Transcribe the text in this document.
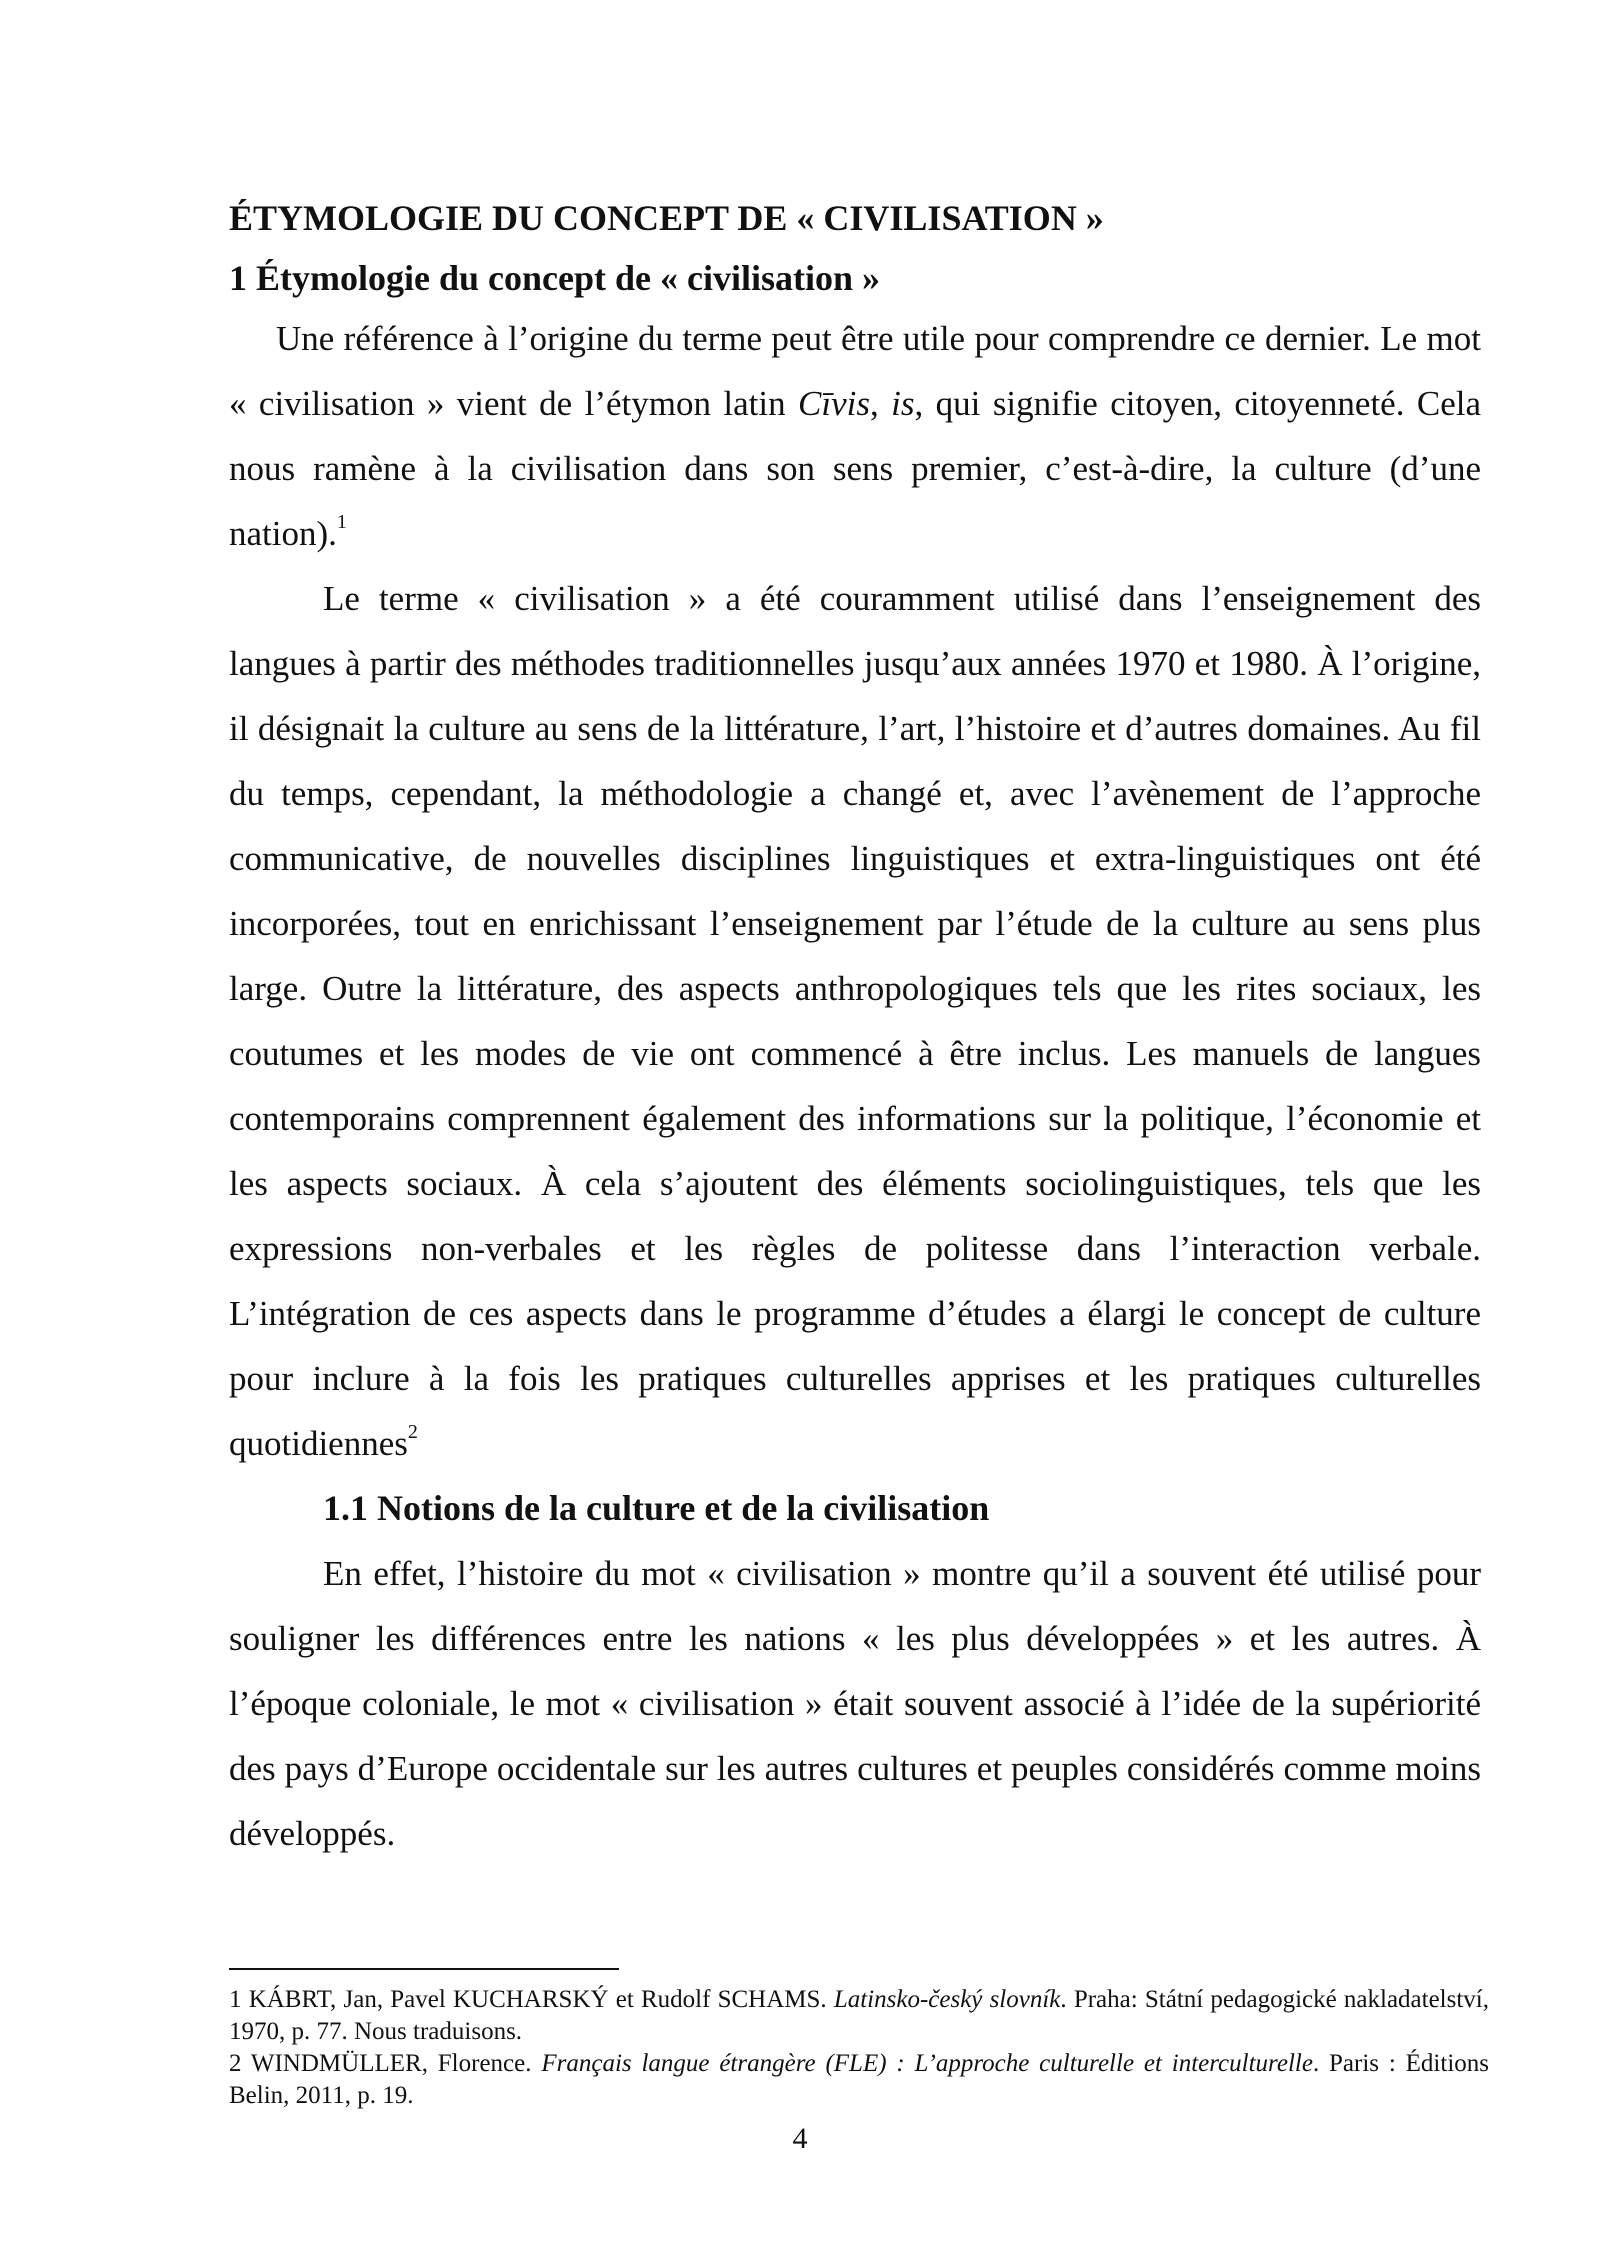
ÉTYMOLOGIE DU CONCEPT DE « CIVILISATION »
1 Étymologie du concept de « civilisation »

Une référence à l’origine du terme peut être utile pour comprendre ce dernier. Le mot « civilisation » vient de l’étymon latin Cīvis, is, qui signifie citoyen, citoyenneté. Cela nous ramène à la civilisation dans son sens premier, c’est-à-dire, la culture (d’une nation).$^1$

Le terme « civilisation » a été couramment utilisé dans l’enseignement des langues à partir des méthodes traditionnelles jusqu’aux années 1970 et 1980. À l’origine, il désignait la culture au sens de la littérature, l’art, l’histoire et d’autres domaines. Au fil du temps, cependant, la méthodologie a changé et, avec l’avènement de l’approche communicative, de nouvelles disciplines linguistiques et extra-linguistiques ont été incorporées, tout en enrichissant l’enseignement par l’étude de la culture au sens plus large. Outre la littérature, des aspects anthropologiques tels que les rites sociaux, les coutumes et les modes de vie ont commencé à être inclus. Les manuels de langues contemporains comprennent également des informations sur la politique, l’économie et les aspects sociaux. À cela s’ajoutent des éléments sociolinguistiques, tels que les expressions non-verbales et les règles de politesse dans l’interaction verbale. L’intégration de ces aspects dans le programme d’études a élargi le concept de culture pour inclure à la fois les pratiques culturelles apprises et les pratiques culturelles quotidiennes$^2$

1.1 Notions de la culture et de la civilisation

En effet, l’histoire du mot « civilisation » montre qu’il a souvent été utilisé pour souligner les différences entre les nations « les plus développées » et les autres. À l’époque coloniale, le mot « civilisation » était souvent associé à l’idée de la supériorité des pays d’Europe occidentale sur les autres cultures et peuples considérés comme moins développés.

1 KÁBRT, Jan, Pavel KUCHARSKÝ et Rudolf SCHAMS. Latinsko-český slovník. Praha: Státní pedagogické nakladatelství, 1970, p. 77. Nous traduisons.

2 WINDMÜLLER, Florence. Français langue étrangère (FLE) : L’approche culturelle et interculturelle. Paris : Éditions Belin, 2011, p. 19.

4
